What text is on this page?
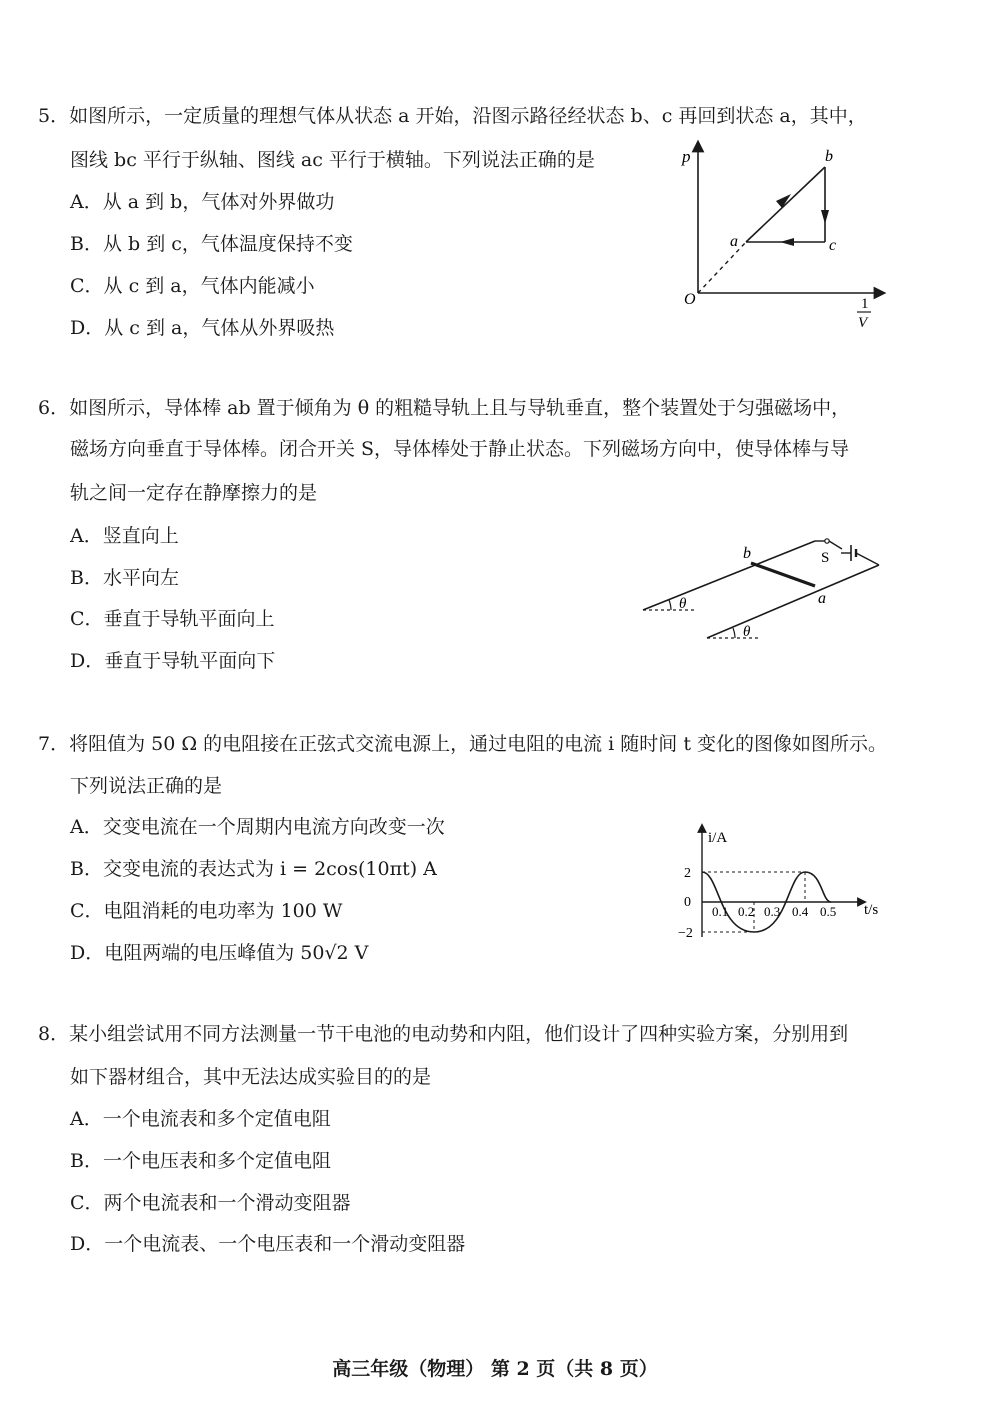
5．如图所示，一定质量的理想气体从状态 a 开始，沿图示路径经状态 b、c 再回到状态 a，其中，
图线 bc 平行于纵轴、图线 ac 平行于横轴。下列说法正确的是
A．从 a 到 b，气体对外界做功
B．从 b 到 c，气体温度保持不变
C．从 c 到 a，气体内能减小
D．从 c 到 a，气体从外界吸热
p
O	1
V
a
b
c
6．如图所示，导体棒 ab 置于倾角为 θ 的粗糙导轨上且与导轨垂直，整个装置处于匀强磁场中，
磁场方向垂直于导体棒。闭合开关 S，导体棒处于静止状态。下列磁场方向中，使导体棒与导
轨之间一定存在静摩擦力的是
A．竖直向上
B．水平向左
C．垂直于导轨平面向上
D．垂直于导轨平面向下
S
b
a
θ
θ
7．将阻值为 50 Ω 的电阻接在正弦式交流电源上，通过电阻的电流 i 随时间 t 变化的图像如图所示。
下列说法正确的是
A．交变电流在一个周期内电流方向改变一次
B．交变电流的表达式为 i = 2cos(10πt) A
C．电阻消耗的电功率为 100 W
D．电阻两端的电压峰值为 50√2 V
i/A
t/s
2
0
−2
0.1 0.2 0.3 0.4 0.5
8．某小组尝试用不同方法测量一节干电池的电动势和内阻，他们设计了四种实验方案，分别用到
如下器材组合，其中无法达成实验目的的是
A．一个电流表和多个定值电阻
B．一个电压表和多个定值电阻
C．两个电流表和一个滑动变阻器
D．一个电流表、一个电压表和一个滑动变阻器
高三年级（物理） 第 2 页（共 8 页）
